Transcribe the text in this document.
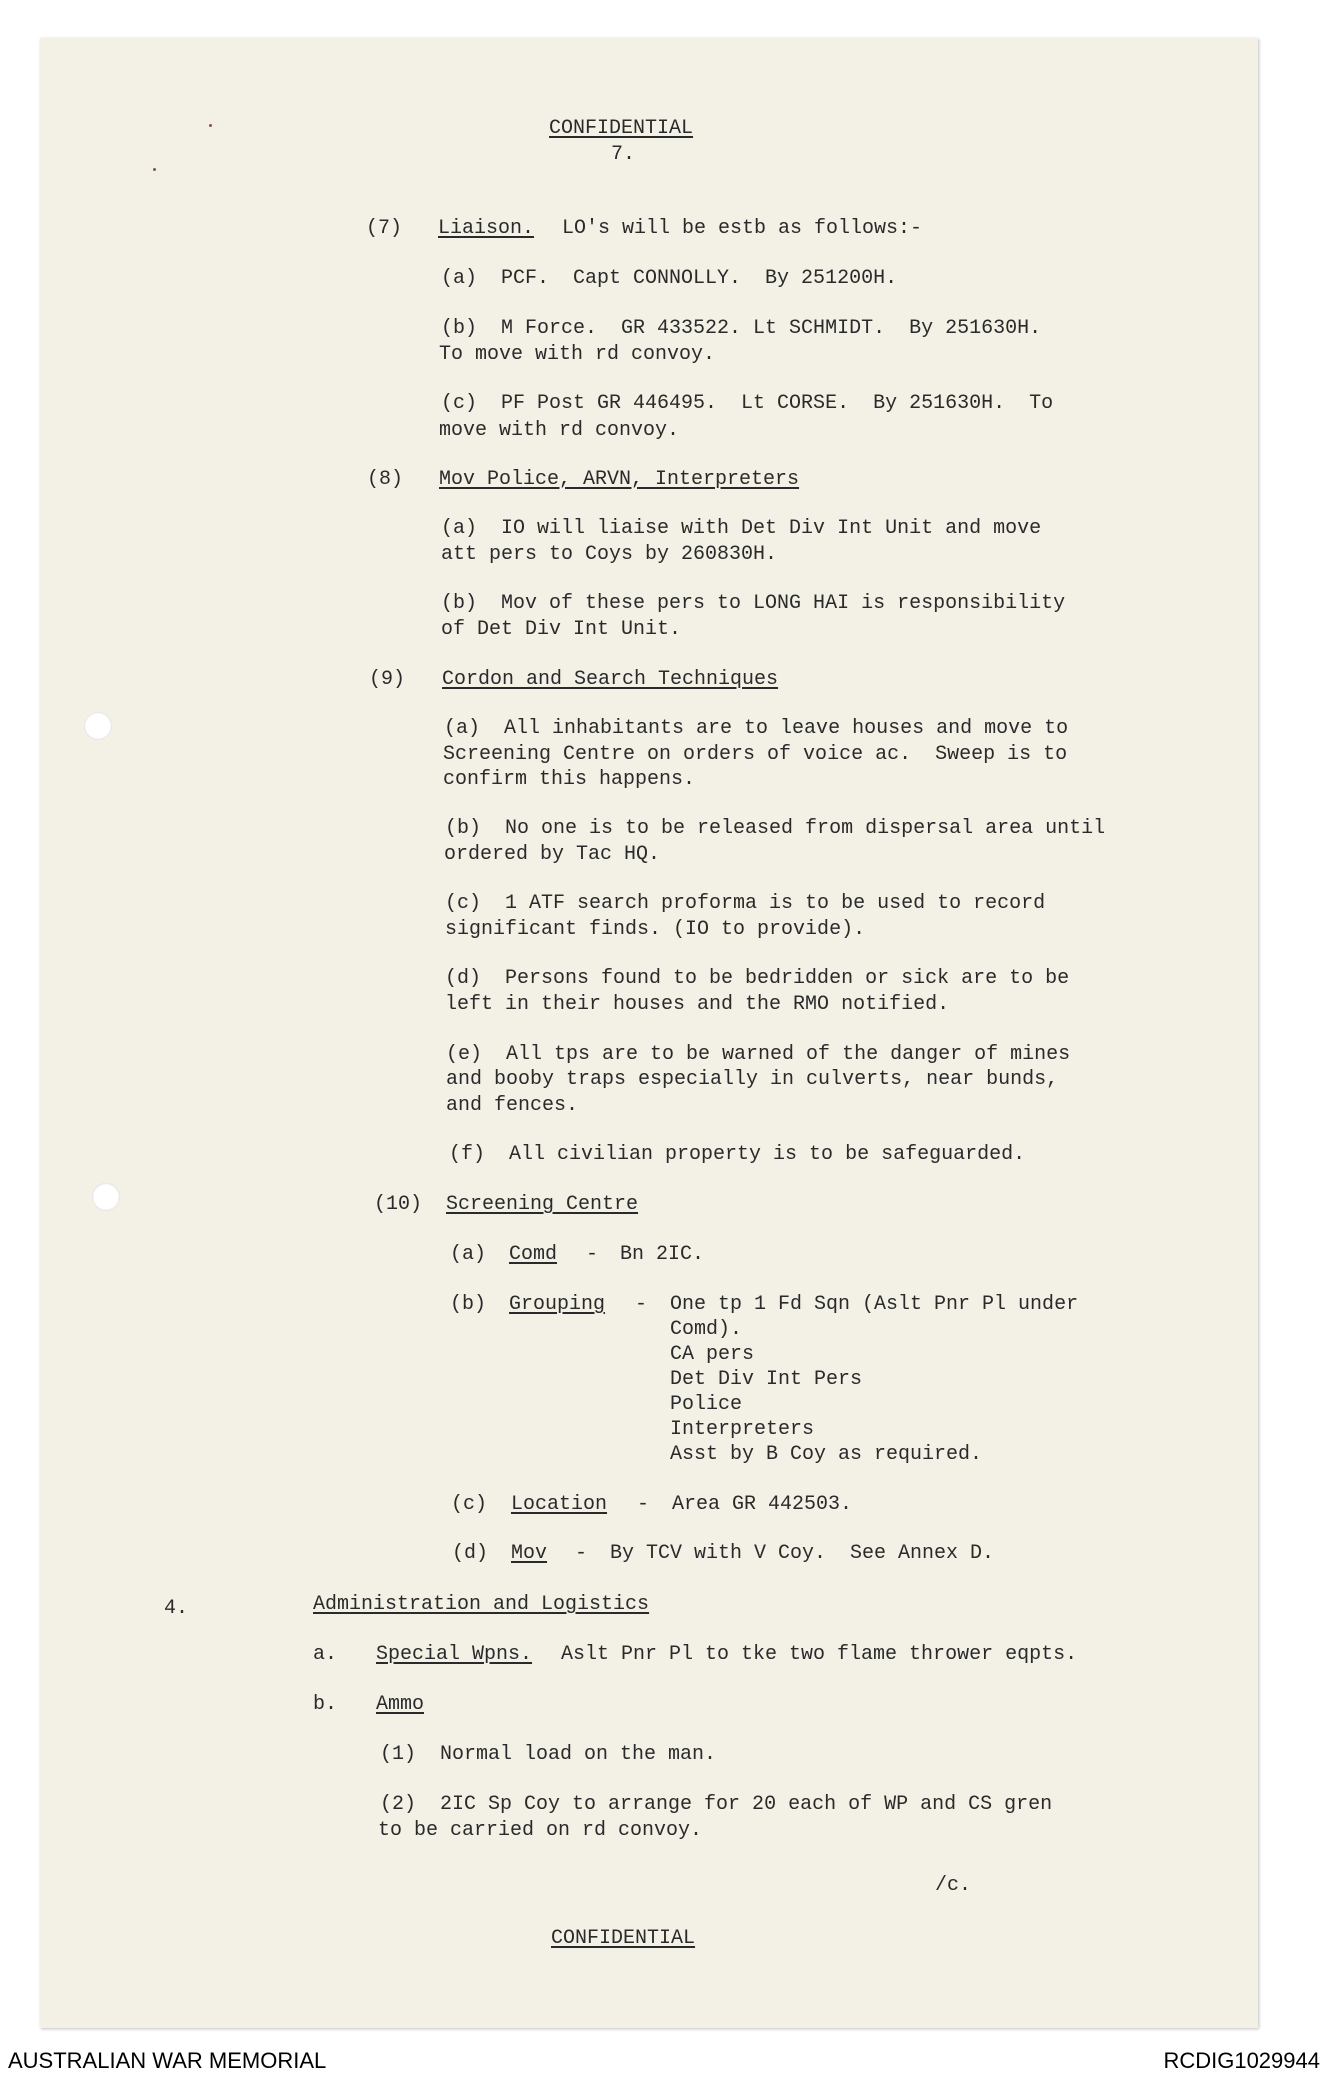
CONFIDENTIAL
7.
(7) Liaison. LO's will be estb as follows:-
(a)  PCF.  Capt CONNOLLY.  By 251200H.
(b)  M Force.  GR 433522. Lt SCHMIDT.  By 251630H.
To move with rd convoy.
(c)  PF Post GR 446495.  Lt CORSE.  By 251630H.  To
move with rd convoy.
(8) Mov Police, ARVN, Interpreters
(a)  IO will liaise with Det Div Int Unit and move
att pers to Coys by 260830H.
(b)  Mov of these pers to LONG HAI is responsibility
of Det Div Int Unit.
(9) Cordon and Search Techniques
(a)  All inhabitants are to leave houses and move to
Screening Centre on orders of voice ac.  Sweep is to
confirm this happens.
(b)  No one is to be released from dispersal area until
ordered by Tac HQ.
(c)  1 ATF search proforma is to be used to record
significant finds. (IO to provide).
(d)  Persons found to be bedridden or sick are to be
left in their houses and the RMO notified.
(e)  All tps are to be warned of the danger of mines
and booby traps especially in culverts, near bunds,
and fences.
(f)  All civilian property is to be safeguarded.
(10) Screening Centre
(a) Comd - Bn 2IC.
(b) Grouping - One tp 1 Fd Sqn (Aslt Pnr Pl under
Comd).
CA pers
Det Div Int Pers
Police
Interpreters
Asst by B Coy as required.
(c) Location - Area GR 442503.
(d) Mov - By TCV with V Coy.  See Annex D.
4.	Administration and Logistics
a. Special Wpns. Aslt Pnr Pl to tke two flame thrower eqpts.
b. Ammo
(1)  Normal load on the man.
(2)  2IC Sp Coy to arrange for 20 each of WP and CS gren
to be carried on rd convoy.
/c.
CONFIDENTIAL
AUSTRALIAN WAR MEMORIAL	RCDIG1029944
